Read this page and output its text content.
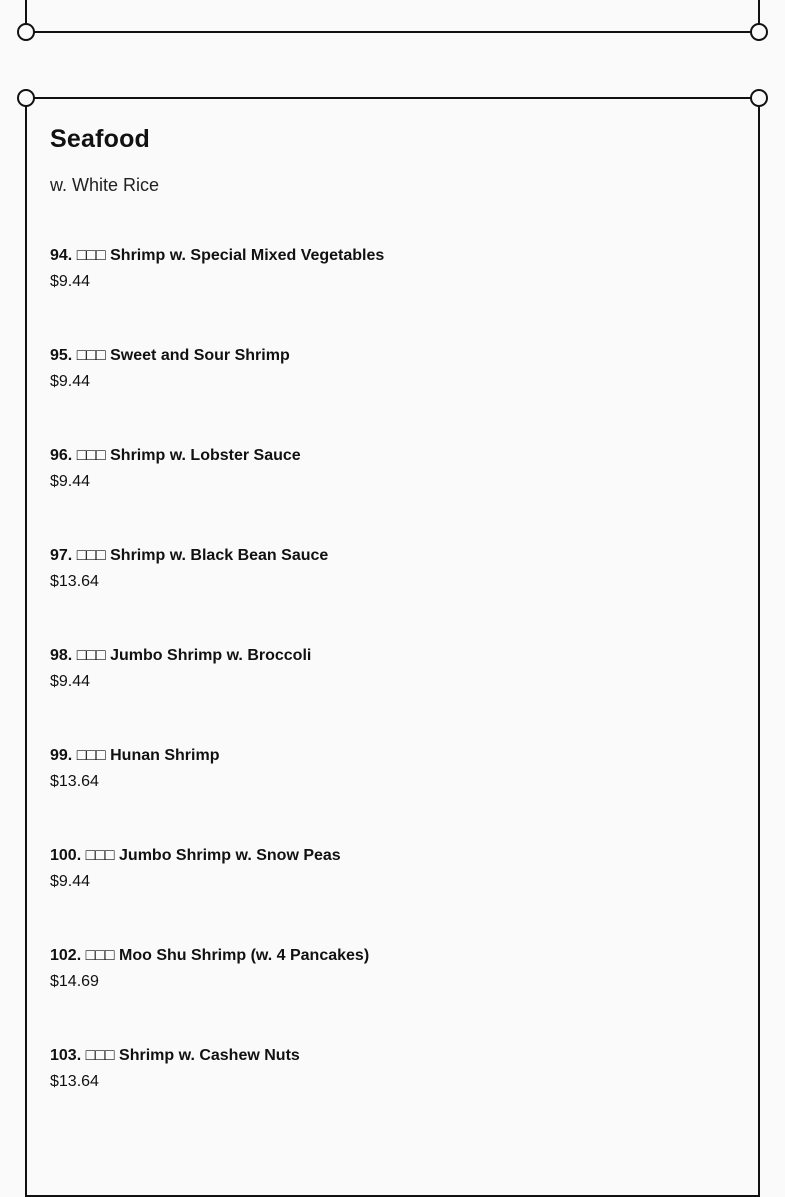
Seafood

w. White Rice

94. □□□ Shrimp w. Special Mixed Vegetables
$9.44
95. □□□ Sweet and Sour Shrimp
$9.44
96. □□□ Shrimp w. Lobster Sauce
$9.44
97. □□□ Shrimp w. Black Bean Sauce
$13.64
98. □□□ Jumbo Shrimp w. Broccoli
$9.44
99. □□□ Hunan Shrimp
$13.64
100. □□□ Jumbo Shrimp w. Snow Peas
$9.44
102. □□□ Moo Shu Shrimp (w. 4 Pancakes)
$14.69
103. □□□ Shrimp w. Cashew Nuts
$13.64
